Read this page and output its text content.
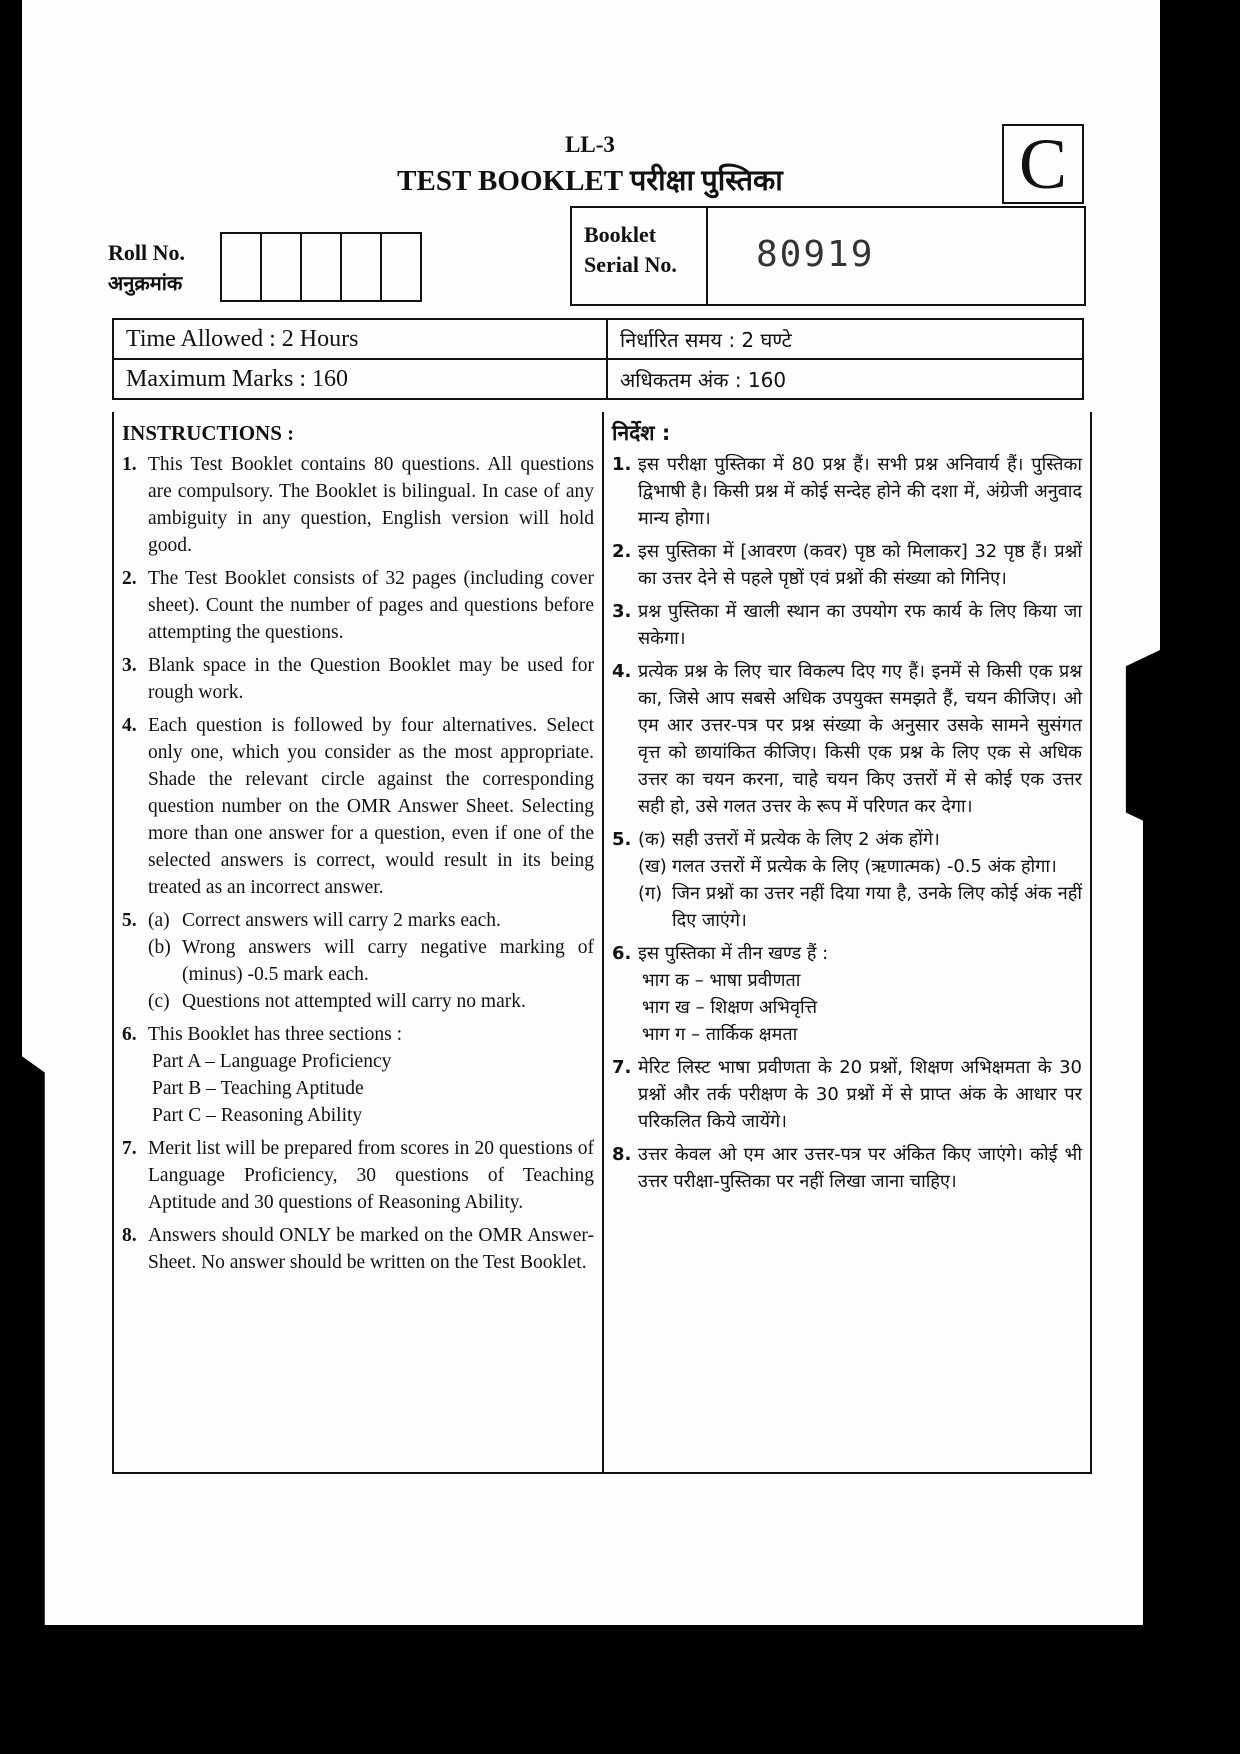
LL-3
TEST BOOKLET परीक्षा पुस्तिका	C
Roll No.
अनुक्रमांक
Booklet
Serial No.	80919
Time Allowed : 2 Hours	निर्धारित समय : 2 घण्टे
Maximum Marks : 160	अधिकतम अंक : 160
INSTRUCTIONS :
1. This Test Booklet contains 80 questions. All questions are compulsory. The Booklet is bilingual. In case of any ambiguity in any question, English version will hold good.
2. The Test Booklet consists of 32 pages (including cover sheet). Count the number of pages and questions before attempting the questions.
3. Blank space in the Question Booklet may be used for rough work.
4. Each question is followed by four alternatives. Select only one, which you consider as the most appropriate. Shade the relevant circle against the corresponding question number on the OMR Answer Sheet. Selecting more than one answer for a question, even if one of the selected answers is correct, would result in its being treated as an incorrect answer.
5. (a) Correct answers will carry 2 marks each.
(b) Wrong answers will carry negative marking of (minus) -0.5 mark each.
(c) Questions not attempted will carry no mark.
6. This Booklet has three sections :
Part A – Language Proficiency
Part B – Teaching Aptitude
Part C – Reasoning Ability
7. Merit list will be prepared from scores in 20 questions of Language Proficiency, 30 questions of Teaching Aptitude and 30 questions of Reasoning Ability.
8. Answers should ONLY be marked on the OMR Answer-Sheet. No answer should be written on the Test Booklet.
निर्देश :
1. इस परीक्षा पुस्तिका में 80 प्रश्न हैं। सभी प्रश्न अनिवार्य हैं। पुस्तिका द्विभाषी है। किसी प्रश्न में कोई सन्देह होने की दशा में, अंग्रेजी अनुवाद मान्य होगा।
2. इस पुस्तिका में [आवरण (कवर) पृष्ठ को मिलाकर] 32 पृष्ठ हैं। प्रश्नों का उत्तर देने से पहले पृष्ठों एवं प्रश्नों की संख्या को गिनिए।
3. प्रश्न पुस्तिका में खाली स्थान का उपयोग रफ कार्य के लिए किया जा सकेगा।
4. प्रत्येक प्रश्न के लिए चार विकल्प दिए गए हैं। इनमें से किसी एक प्रश्न का, जिसे आप सबसे अधिक उपयुक्त समझते हैं, चयन कीजिए। ओ एम आर उत्तर-पत्र पर प्रश्न संख्या के अनुसार उसके सामने सुसंगत वृत्त को छायांकित कीजिए। किसी एक प्रश्न के लिए एक से अधिक उत्तर का चयन करना, चाहे चयन किए उत्तरों में से कोई एक उत्तर सही हो, उसे गलत उत्तर के रूप में परिणत कर देगा।
5. (क) सही उत्तरों में प्रत्येक के लिए 2 अंक होंगे।
(ख) गलत उत्तरों में प्रत्येक के लिए (ऋणात्मक) -0.5 अंक होगा।
(ग) जिन प्रश्नों का उत्तर नहीं दिया गया है, उनके लिए कोई अंक नहीं दिए जाएंगे।
6. इस पुस्तिका में तीन खण्ड हैं :
भाग क – भाषा प्रवीणता
भाग ख – शिक्षण अभिवृत्ति
भाग ग – तार्किक क्षमता
7. मेरिट लिस्ट भाषा प्रवीणता के 20 प्रश्नों, शिक्षण अभिक्षमता के 30 प्रश्नों और तर्क परीक्षण के 30 प्रश्नों में से प्राप्त अंक के आधार पर परिकलित किये जायेंगे।
8. उत्तर केवल ओ एम आर उत्तर-पत्र पर अंकित किए जाएंगे। कोई भी उत्तर परीक्षा-पुस्तिका पर नहीं लिखा जाना चाहिए।
